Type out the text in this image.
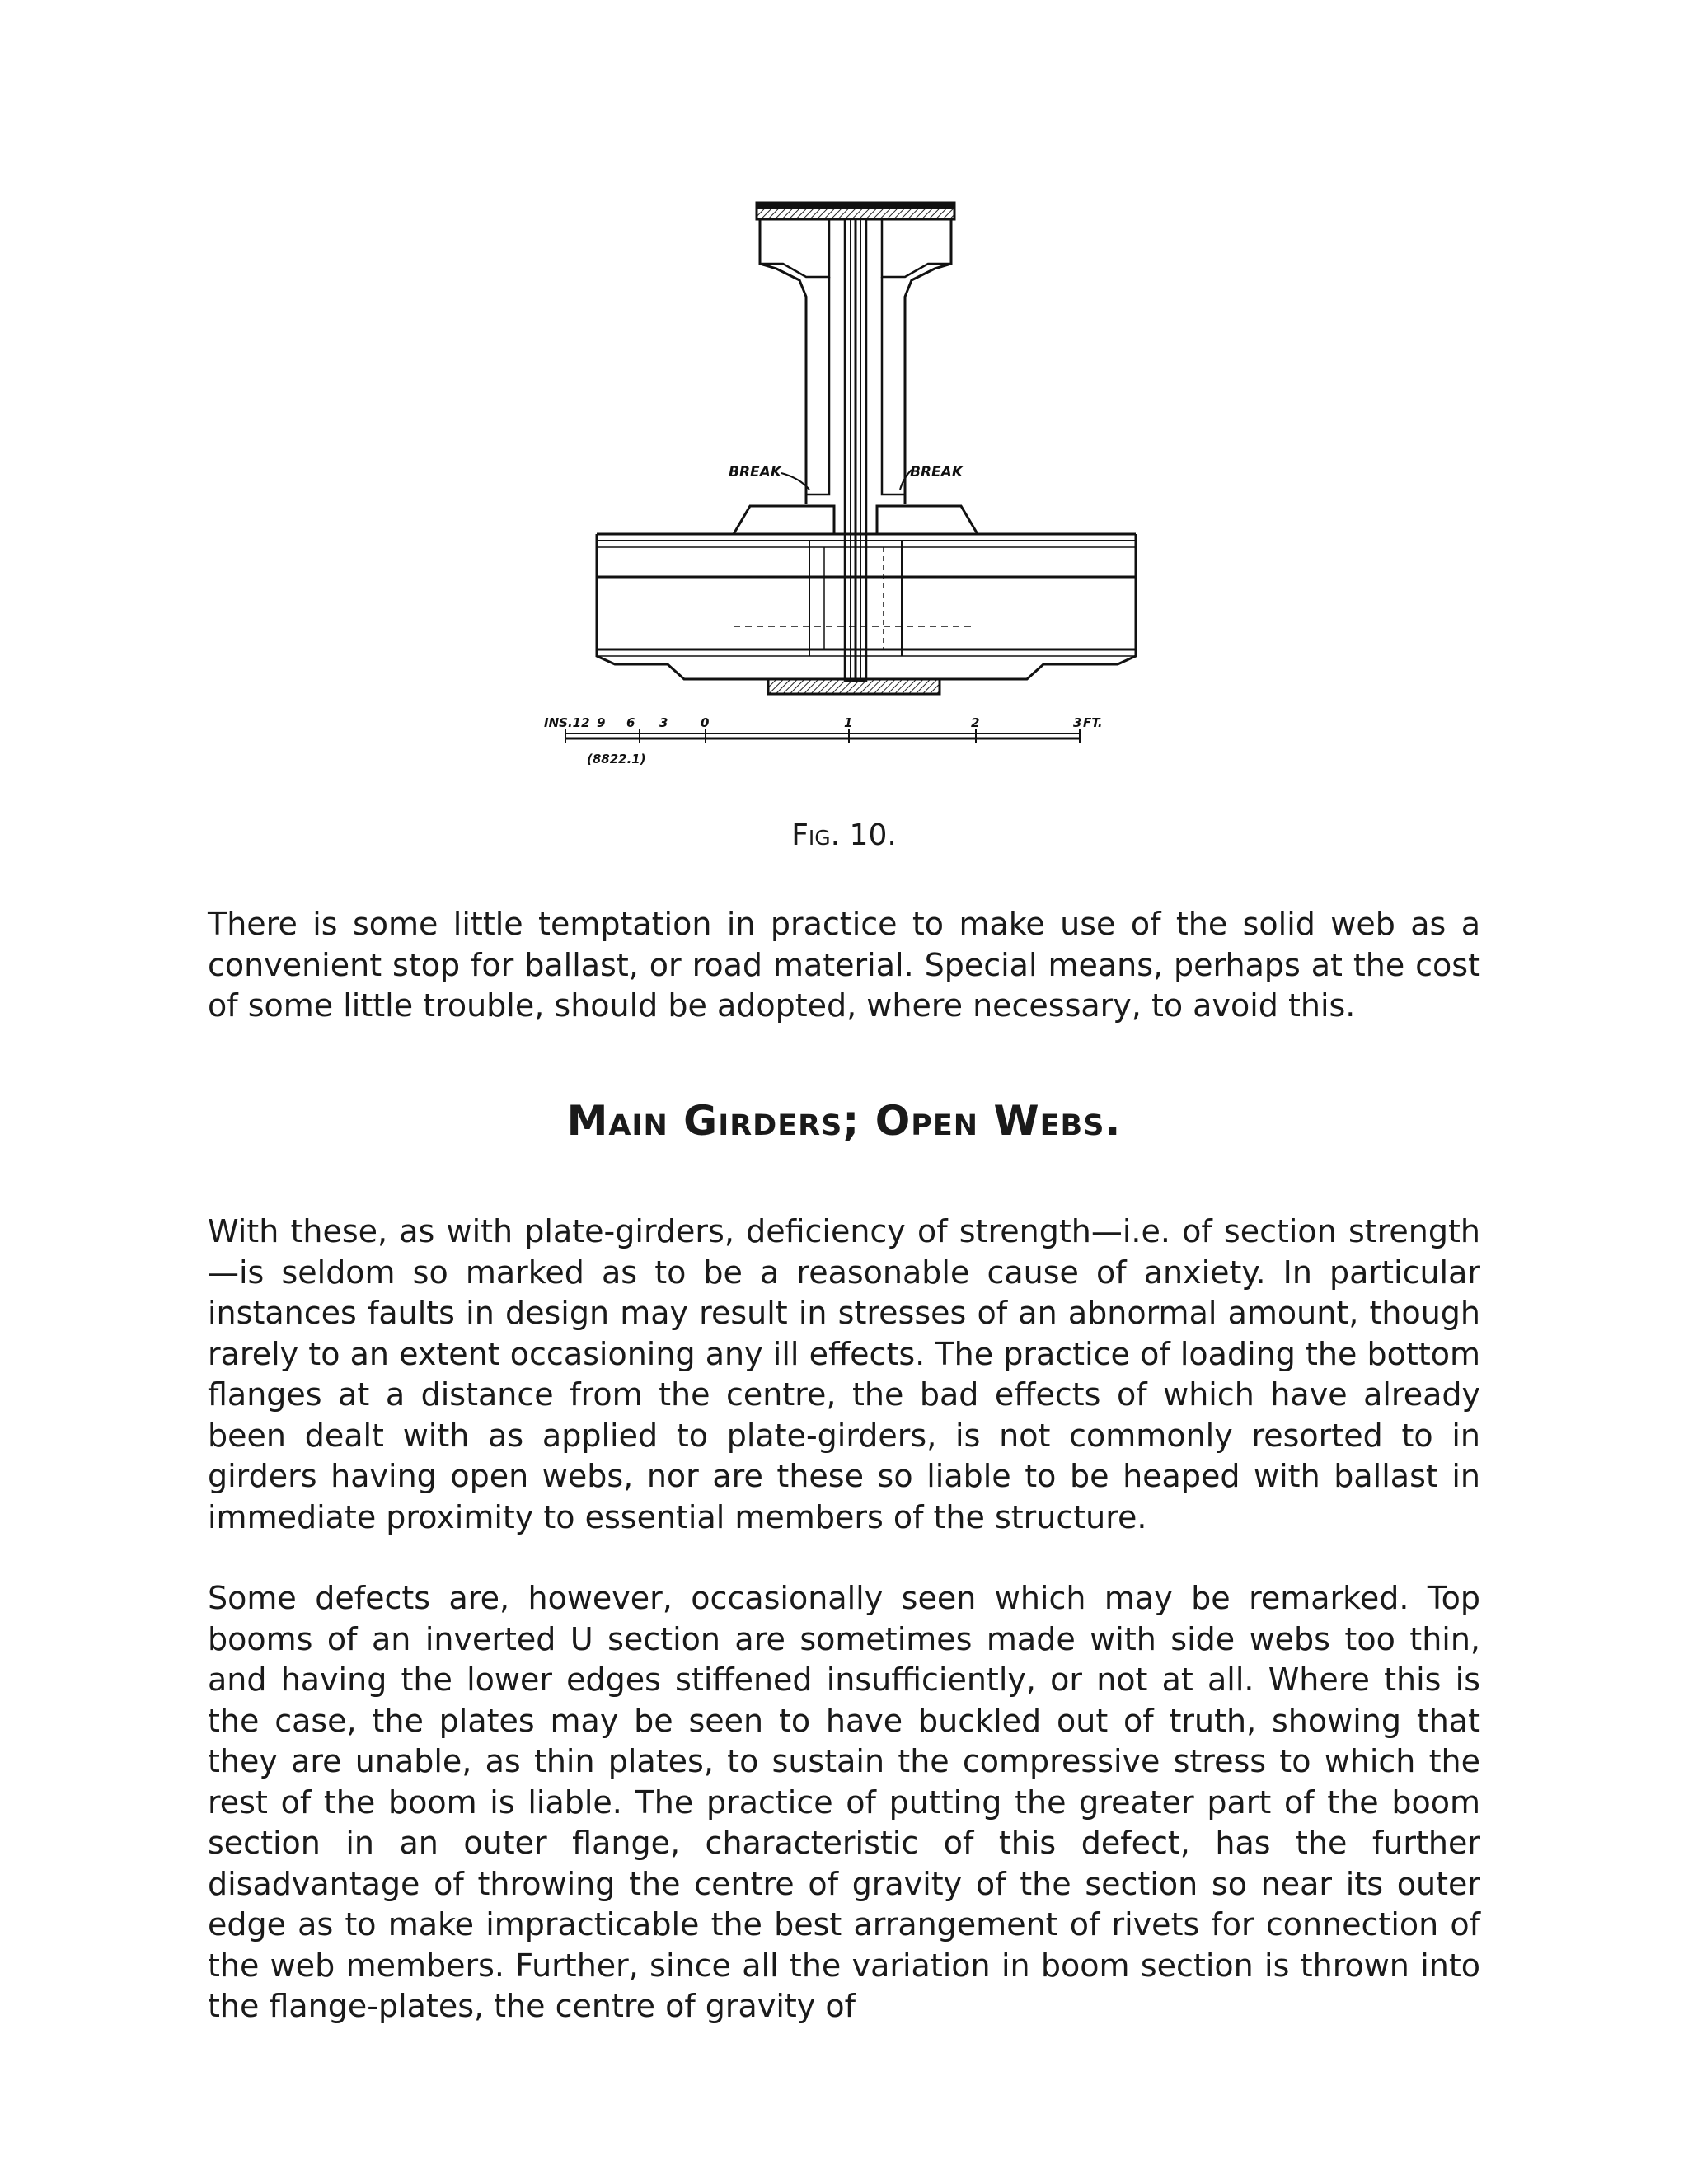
BREAK	BREAK
INS.12 9 6 3	0	1	2	3 FT.
(8822.1)
Fig. 10.

There is some little temptation in practice to make use of the solid web as a convenient stop for ballast, or road material. Special means, perhaps at the cost of some little trouble, should be adopted, where necessary, to avoid this.

Main Girders; Open Webs.

With these, as with plate-girders, deficiency of strength—i.e. of section strength—is seldom so marked as to be a reasonable cause of anxiety. In particular instances faults in design may result in stresses of an abnormal amount, though rarely to an extent occasioning any ill effects. The practice of loading the bottom flanges at a distance from the centre, the bad effects of which have already been dealt with as applied to plate-girders, is not commonly resorted to in girders having open webs, nor are these so liable to be heaped with ballast in immediate proximity to essential members of the structure.

Some defects are, however, occasionally seen which may be remarked. Top booms of an inverted U section are sometimes made with side webs too thin, and having the lower edges stiffened insufficiently, or not at all. Where this is the case, the plates may be seen to have buckled out of truth, showing that they are unable, as thin plates, to sustain the compressive stress to which the rest of the boom is liable. The practice of putting the greater part of the boom section in an outer flange, characteristic of this defect, has the further disadvantage of throwing the centre of gravity of the section so near its outer edge as to make impracticable the best arrangement of rivets for connection of the web members. Further, since all the variation in boom section is thrown into the flange-plates, the centre of gravity of
